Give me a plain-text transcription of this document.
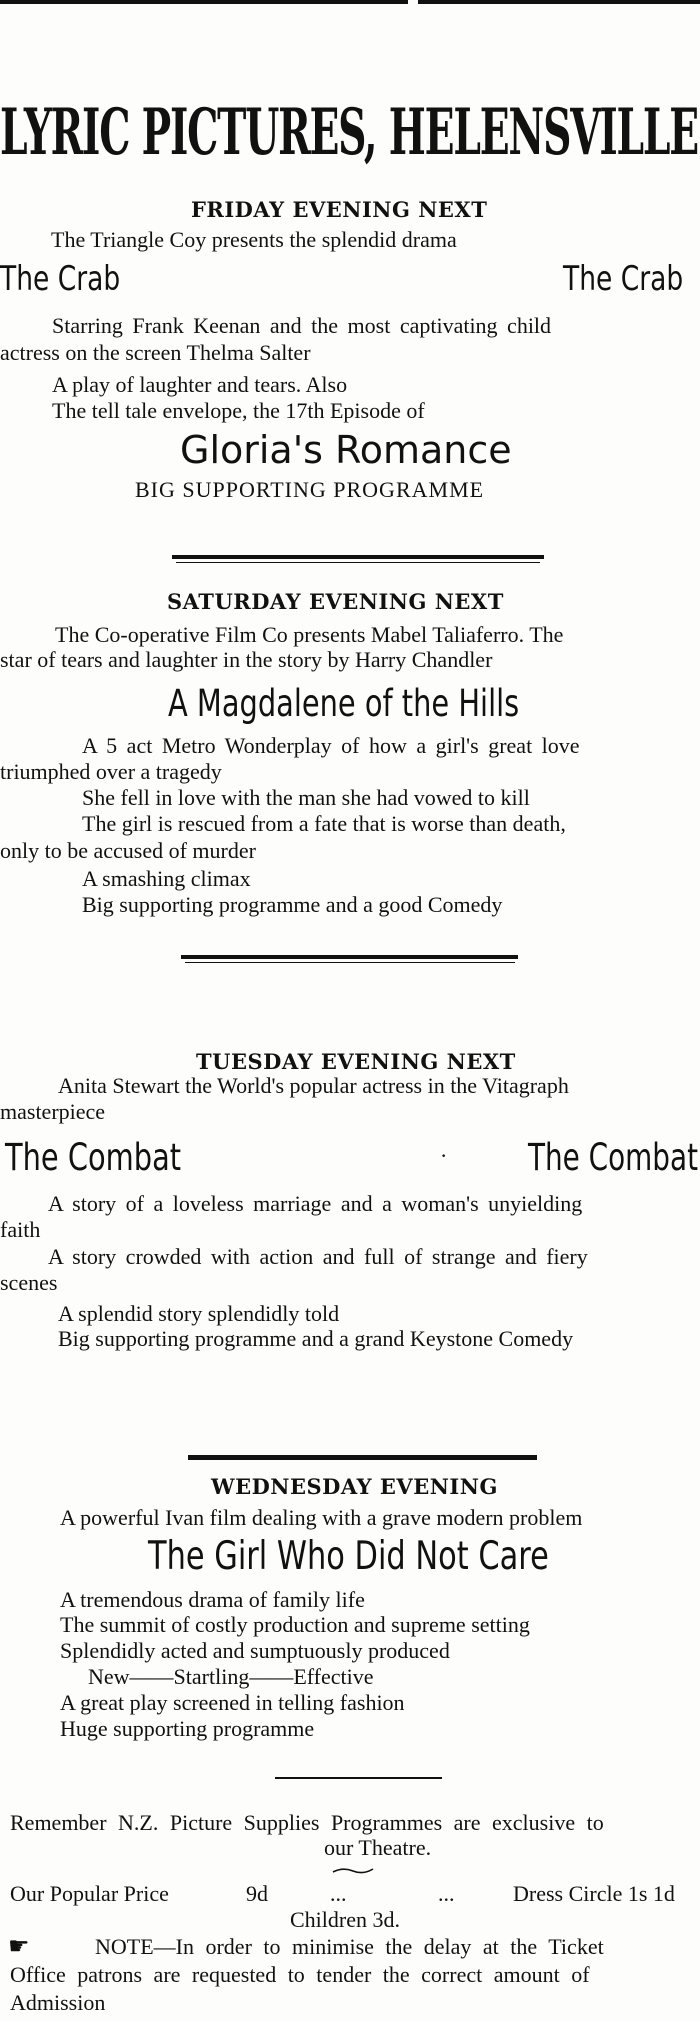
LYRIC PICTURES, HELENSVILLE
FRIDAY EVENING NEXT
The Triangle Coy presents the splendid drama
The Crab	The Crab
Starring Frank Keenan and the most captivating child
actress on the screen Thelma Salter
A play of laughter and tears. Also
The tell tale envelope, the 17th Episode of
Gloria's Romance
BIG SUPPORTING PROGRAMME
SATURDAY EVENING NEXT
The Co-operative Film Co presents Mabel Taliaferro. The
star of tears and laughter in the story by Harry Chandler
A Magdalene of the Hills
A 5 act Metro Wonderplay of how a girl's great love
triumphed over a tragedy
She fell in love with the man she had vowed to kill
The girl is rescued from a fate that is worse than death,
only to be accused of murder
A smashing climax
Big supporting programme and a good Comedy
TUESDAY EVENING NEXT
Anita Stewart the World's popular actress in the Vitagraph
masterpiece
The Combat	· The Combat
A story of a loveless marriage and a woman's unyielding
faith
A story crowded with action and full of strange and fiery
scenes
A splendid story splendidly told
Big supporting programme and a grand Keystone Comedy
WEDNESDAY EVENING
A powerful Ivan film dealing with a grave modern problem
The Girl Who Did Not Care
A tremendous drama of family life
The summit of costly production and supreme setting
Splendidly acted and sumptuously produced
New——Startling——Effective
A great play screened in telling fashion
Huge supporting programme
Remember N.Z. Picture Supplies Programmes are exclusive to
our Theatre.
Our Popular Price	9d	...	...	Dress Circle 1s 1d
Children 3d.
☛	NOTE—In order to minimise the delay at the Ticket
Office patrons are requested to tender the correct amount of
Admission
